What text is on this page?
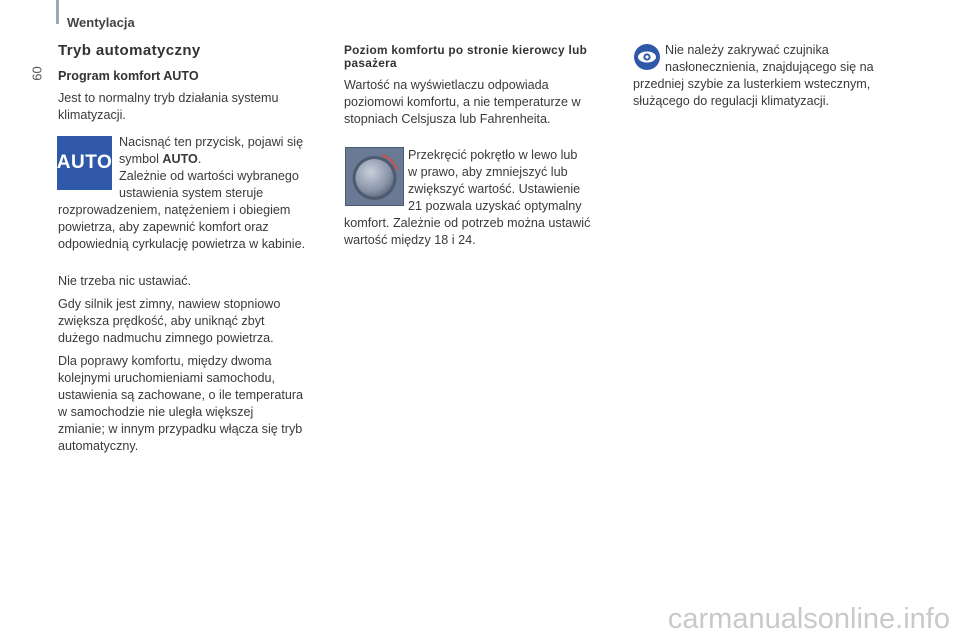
60
Wentylacja

Tryb automatyczny

Program komfort AUTO

Jest to normalny tryb działania systemu

klimatyzacji.

AUTO

Nacisnąć ten przycisk, pojawi się

symbol AUTO.

Zależnie od wartości wybranego

ustawienia system steruje

rozprowadzeniem, natężeniem i obiegiem

powietrza, aby zapewnić komfort oraz

odpowiednią cyrkulację powietrza w kabinie.

Nie trzeba nic ustawiać.

Gdy silnik jest zimny, nawiew stopniowo

zwiększa prędkość, aby uniknąć zbyt

dużego nadmuchu zimnego powietrza.

Dla poprawy komfortu, między dwoma

kolejnymi uruchomieniami samochodu,

ustawienia są zachowane, o ile temperatura

w samochodzie nie uległa większej

zmianie; w innym przypadku włącza się tryb

automatyczny.

Poziom komfortu po stronie kierowcy lub

pasażera

Wartość na wyświetlaczu odpowiada

poziomowi komfortu, a nie temperaturze w

stopniach Celsjusza lub Fahrenheita.

Przekręcić pokrętło w lewo lub

w prawo, aby zmniejszyć lub

zwiększyć wartość. Ustawienie

21 pozwala uzyskać optymalny

komfort. Zależnie od potrzeb można ustawić

wartość między 18 i 24.

Nie należy zakrywać czujnika

nasłonecznienia, znajdującego się na

przedniej szybie za lusterkiem wstecznym,

służącego do regulacji klimatyzacji.

carmanualsonline.info
